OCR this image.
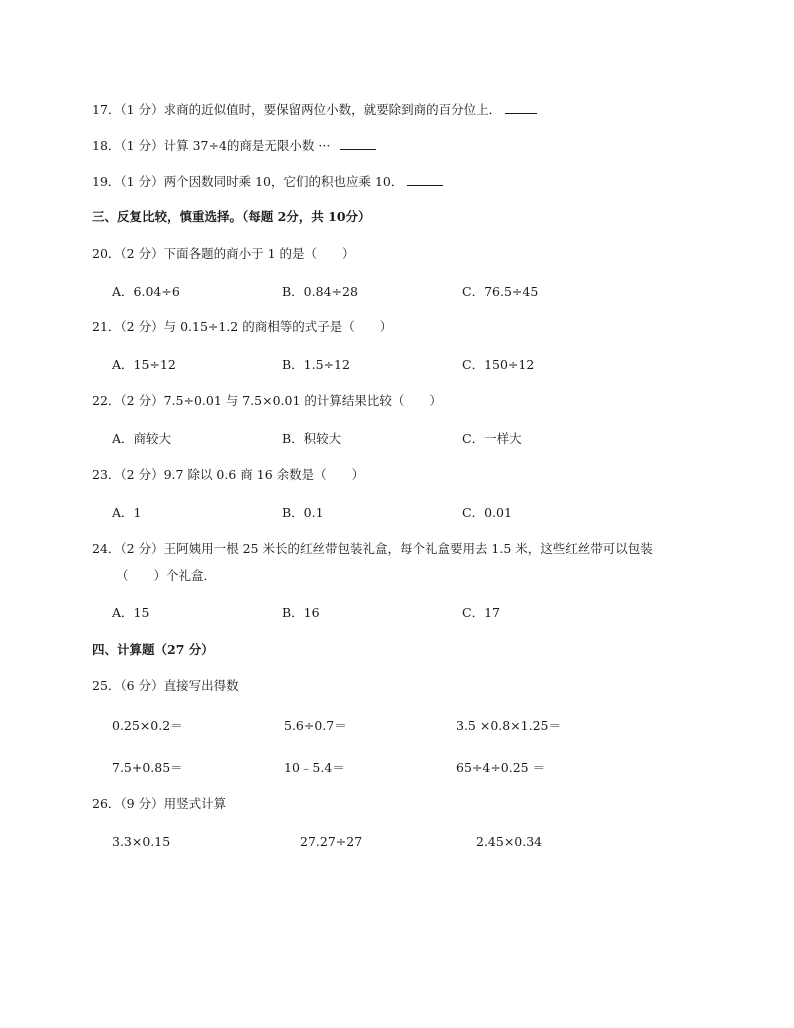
17．（1 分）求商的近似值时，要保留两位小数，就要除到商的百分位上．
18．（1 分）计算 37÷4的商是无限小数 ···
19．（1 分）两个因数同时乘 10，它们的积也应乘 10．
三、反复比较，慎重选择。（每题 2分，共 10分）
20．（2 分）下面各题的商小于 1 的是（　　）
A．6.04÷6	B．0.84÷28	C．76.5÷45
21．（2 分）与 0.15÷1.2 的商相等的式子是（　　）
A．15÷12	B．1.5÷12	C．150÷12
22．（2 分）7.5÷0.01 与 7.5×0.01 的计算结果比较（　　）
A．商较大	B．积较大	C．一样大
23．（2 分）9.7 除以 0.6 商 16 余数是（　　）
A．1	B．0.1	C．0.01
24．（2 分）王阿姨用一根 25 米长的红丝带包装礼盒，每个礼盒要用去 1.5 米，这些红丝带可以包装
（　　）个礼盒．
A．15	B．16	C．17
四、计算题（27 分）
25．（6 分）直接写出得数
0.25×0.2＝	5.6÷0.7＝	3.5 ×0.8×1.25＝
7.5+0.85＝	10﹣5.4＝	65÷4÷0.25 ＝
26．（9 分）用竖式计算
3.3×0.15	27.27÷27	2.45×0.34
